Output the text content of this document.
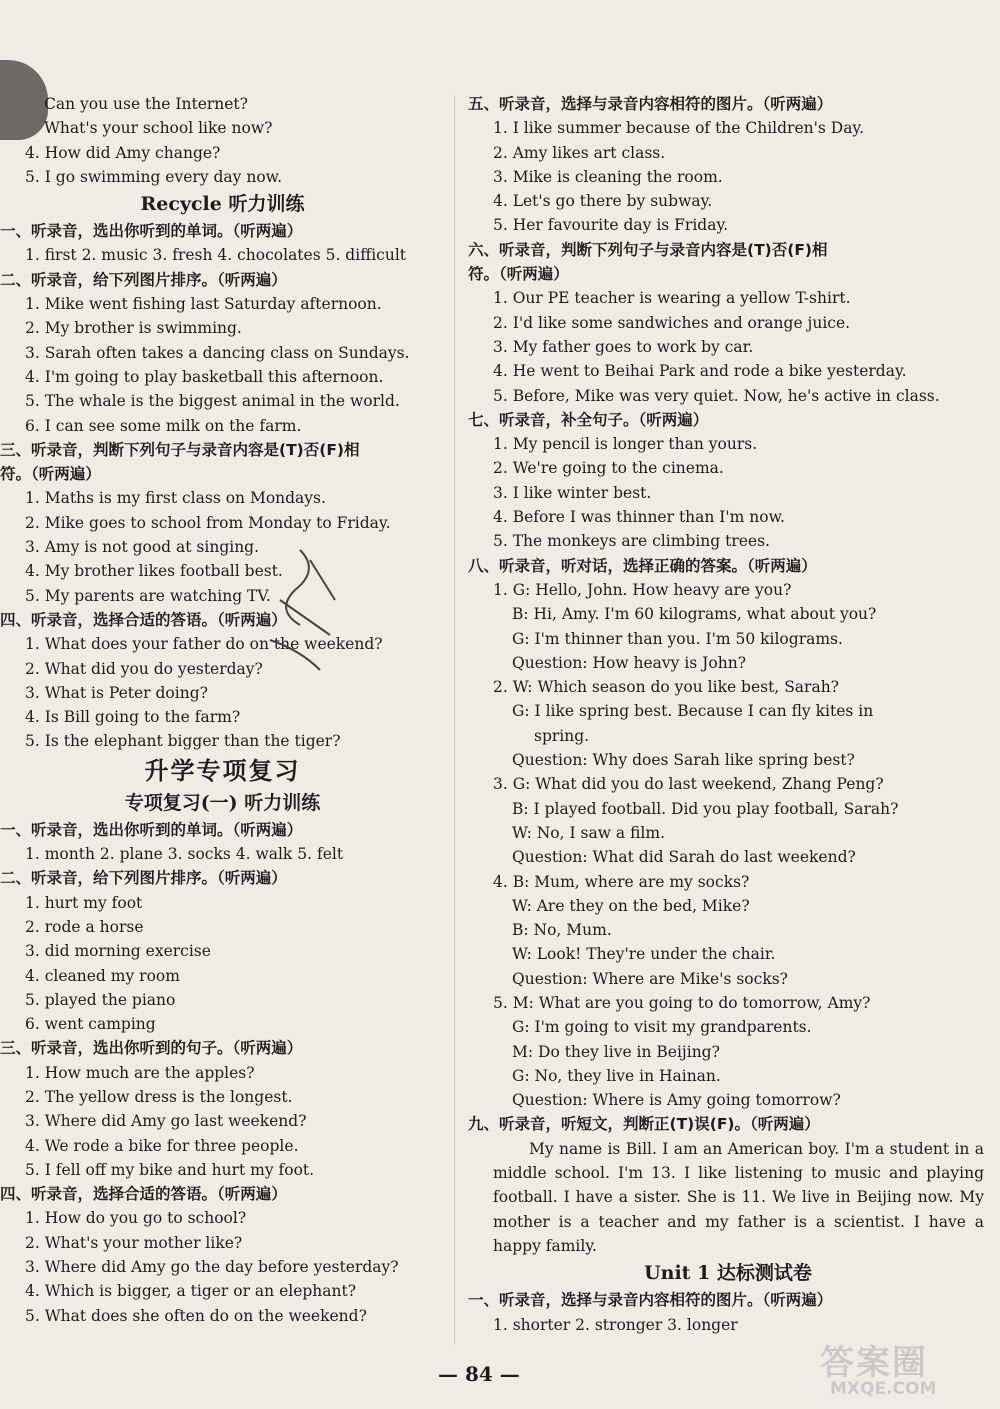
Can you use the Internet?
What's your school like now?
4. How did Amy change?
5. I go swimming every day now.
Recycle 听力训练
一、听录音，选出你听到的单词。（听两遍）
1. first 2. music 3. fresh 4. chocolates 5. difficult
二、听录音，给下列图片排序。（听两遍）
1. Mike went fishing last Saturday afternoon.
2. My brother is swimming.
3. Sarah often takes a dancing class on Sundays.
4. I'm going to play basketball this afternoon.
5. The whale is the biggest animal in the world.
6. I can see some milk on the farm.
三、听录音，判断下列句子与录音内容是(T)否(F)相
符。（听两遍）
1. Maths is my first class on Mondays.
2. Mike goes to school from Monday to Friday.
3. Amy is not good at singing.
4. My brother likes football best.
5. My parents are watching TV.
四、听录音，选择合适的答语。（听两遍）
1. What does your father do on the weekend?
2. What did you do yesterday?
3. What is Peter doing?
4. Is Bill going to the farm?
5. Is the elephant bigger than the tiger?
升学专项复习
专项复习(一) 听力训练
一、听录音，选出你听到的单词。（听两遍）
1. month 2. plane 3. socks 4. walk 5. felt
二、听录音，给下列图片排序。（听两遍）
1. hurt my foot
2. rode a horse
3. did morning exercise
4. cleaned my room
5. played the piano
6. went camping
三、听录音，选出你听到的句子。（听两遍）
1. How much are the apples?
2. The yellow dress is the longest.
3. Where did Amy go last weekend?
4. We rode a bike for three people.
5. I fell off my bike and hurt my foot.
四、听录音，选择合适的答语。（听两遍）
1. How do you go to school?
2. What's your mother like?
3. Where did Amy go the day before yesterday?
4. Which is bigger, a tiger or an elephant?
5. What does she often do on the weekend?
五、听录音，选择与录音内容相符的图片。（听两遍）
1. I like summer because of the Children's Day.
2. Amy likes art class.
3. Mike is cleaning the room.
4. Let's go there by subway.
5. Her favourite day is Friday.
六、听录音，判断下列句子与录音内容是(T)否(F)相
符。（听两遍）
1. Our PE teacher is wearing a yellow T-shirt.
2. I'd like some sandwiches and orange juice.
3. My father goes to work by car.
4. He went to Beihai Park and rode a bike yesterday.
5. Before, Mike was very quiet. Now, he's active in class.
七、听录音，补全句子。（听两遍）
1. My pencil is longer than yours.
2. We're going to the cinema.
3. I like winter best.
4. Before I was thinner than I'm now.
5. The monkeys are climbing trees.
八、听录音，听对话，选择正确的答案。（听两遍）
1. G: Hello, John. How heavy are you?
B: Hi, Amy. I'm 60 kilograms, what about you?
G: I'm thinner than you. I'm 50 kilograms.
Question: How heavy is John?
2. W: Which season do you like best, Sarah?
G: I like spring best. Because I can fly kites in
spring.
Question: Why does Sarah like spring best?
3. G: What did you do last weekend, Zhang Peng?
B: I played football. Did you play football, Sarah?
W: No, I saw a film.
Question: What did Sarah do last weekend?
4. B: Mum, where are my socks?
W: Are they on the bed, Mike?
B: No, Mum.
W: Look! They're under the chair.
Question: Where are Mike's socks?
5. M: What are you going to do tomorrow, Amy?
G: I'm going to visit my grandparents.
M: Do they live in Beijing?
G: No, they live in Hainan.
Question: Where is Amy going tomorrow?
九、听录音，听短文，判断正(T)误(F)。（听两遍）
My name is Bill. I am an American boy. I'm a student in a middle school. I'm 13. I like listening to music and playing football. I have a sister. She is 11. We live in Beijing now. My mother is a teacher and my father is a scientist. I have a happy family.
Unit 1 达标测试卷
一、听录音，选择与录音内容相符的图片。（听两遍）
1. shorter 2. stronger 3. longer
— 84 —	答案圈
MXQE.COM
